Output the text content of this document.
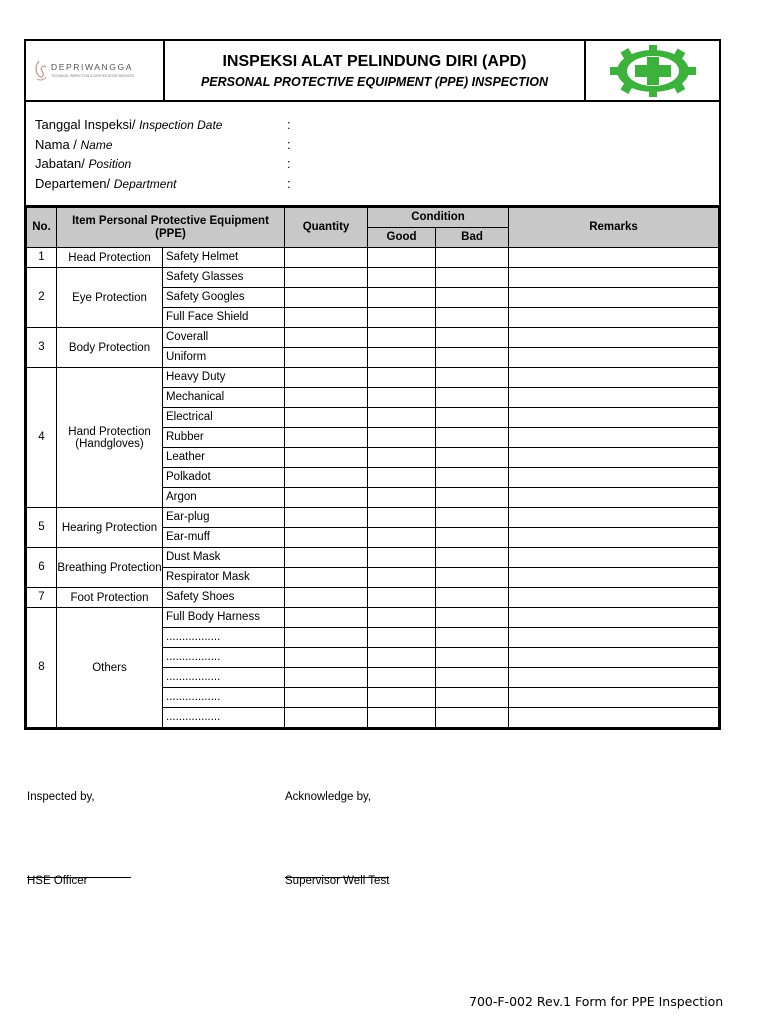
DEPRIWANGGA
TECHNICAL INSPECTION & CERTIFICATION SERVICES
INSPEKSI ALAT PELINDUNG DIRI (APD)
PERSONAL PROTECTIVE EQUIPMENT (PPE) INSPECTION
Tanggal Inspeksi/ Inspection Date	:
Nama / Name	:
Jabatan/ Position	:
Departemen/ Department	:
No.	Item Personal Protective Equipment (PPE)		Quantity	Condition		Remarks
				Good	Bad	
1	Head Protection	Safety Helmet				
2	Eye Protection	Safety Glasses				
		Safety Googles				
		Full Face Shield				
3	Body Protection	Coverall				
		Uniform				
4	Hand Protection (Handgloves)	Heavy Duty				
		Mechanical				
		Electrical				
		Rubber				
		Leather				
		Polkadot				
		Argon				
5	Hearing Protection	Ear-plug				
		Ear-muff				
6	Breathing Protection	Dust Mask				
		Respirator Mask				
7	Foot Protection	Safety Shoes				
8	Others	Full Body Harness				
		.................				
		.................				
		.................				
		.................				
		.................				
Inspected by,	Acknowledge by,
HSE Officer	Supervisor Well Test
700-F-002 Rev.1 Form for PPE Inspection
